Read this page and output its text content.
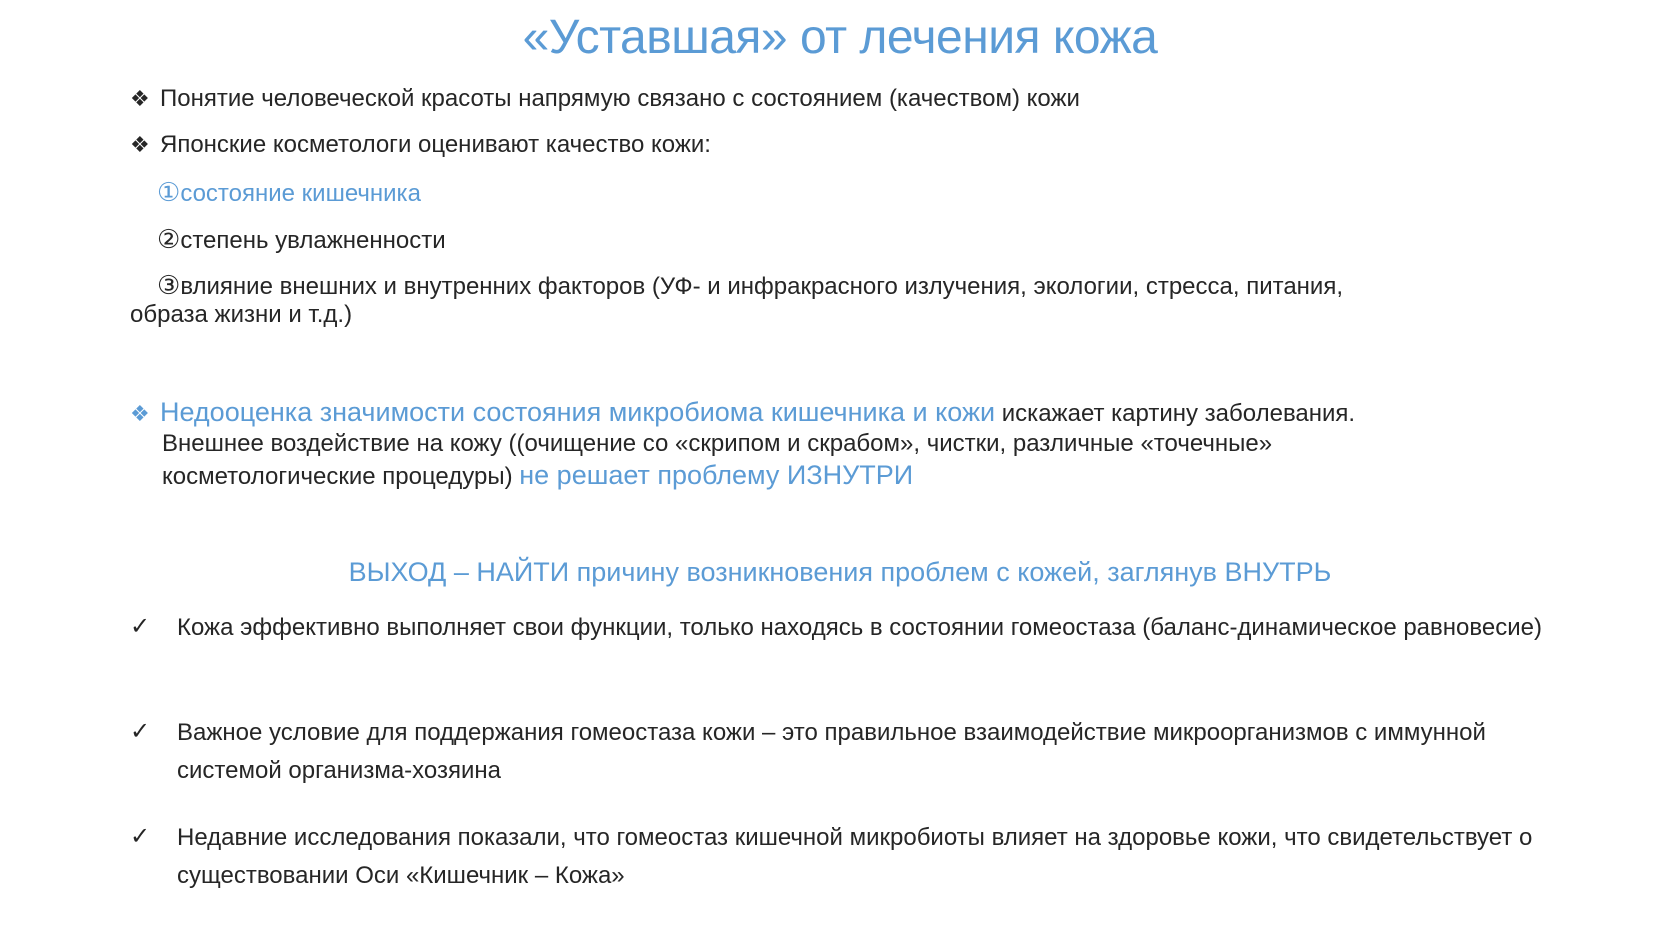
«Уставшая» от лечения кожа
❖ Понятие человеческой красоты напрямую связано с состоянием (качеством) кожи
❖ Японские косметологи оценивают качество кожи:
①состояние кишечника
②степень увлажненности
③влияние внешних и внутренних факторов (УФ- и инфракрасного излучения, экологии, стресса, питания,
образа жизни и т.д.)
❖ Недооценка значимости состояния микробиома кишечника и кожи искажает картину заболевания.
Внешнее воздействие на кожу ((очищение со «скрипом и скрабом», чистки, различные «точечные»
косметологические процедуры) не решает проблему ИЗНУТРИ
ВЫХОД – НАЙТИ причину возникновения проблем с кожей, заглянув ВНУТРЬ
✓ Кожа эффективно выполняет свои функции, только находясь в состоянии гомеостаза (баланс-динамическое равновесие)
✓ Важное условие для поддержания гомеостаза кожи – это правильное взаимодействие микроорганизмов с иммунной системой организма-хозяина
✓ Недавние исследования показали, что гомеостаз кишечной микробиоты влияет на здоровье кожи, что свидетельствует о существовании Оси «Кишечник – Кожа»
